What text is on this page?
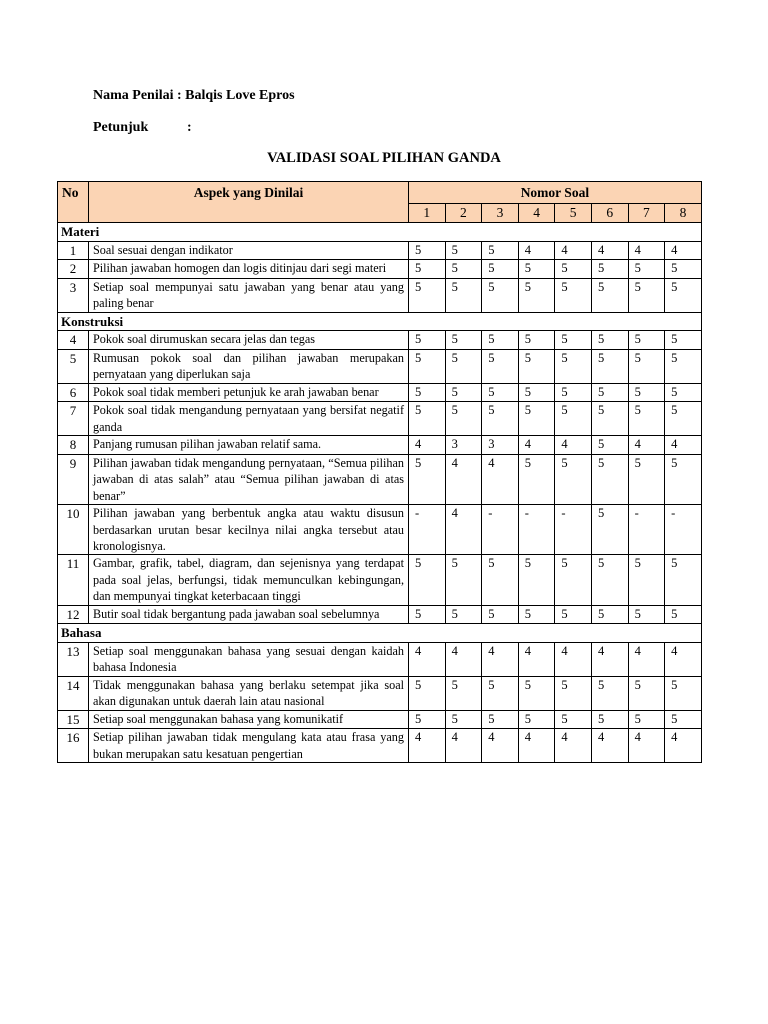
Nama Penilai : Balqis Love Epros
Petunjuk	:
VALIDASI SOAL PILIHAN GANDA
No	Aspek yang Dinilai	Nomor Soal							
		1	2	3	4	5	6	7	8
Materi									
1	Soal sesuai dengan indikator	5	5	5	4	4	4	4	4
2	Pilihan jawaban homogen dan logis ditinjau dari segi materi	5	5	5	5	5	5	5	5
3	Setiap soal mempunyai satu jawaban yang benar atau yang paling benar	5	5	5	5	5	5	5	5
Konstruksi									
4	Pokok soal dirumuskan secara jelas dan tegas	5	5	5	5	5	5	5	5
5	Rumusan pokok soal dan pilihan jawaban merupakan pernyataan yang diperlukan saja	5	5	5	5	5	5	5	5
6	Pokok soal tidak memberi petunjuk ke arah jawaban benar	5	5	5	5	5	5	5	5
7	Pokok soal tidak mengandung pernyataan yang bersifat negatif ganda	5	5	5	5	5	5	5	5
8	Panjang rumusan pilihan jawaban relatif sama.	4	3	3	4	4	5	4	4
9	Pilihan jawaban tidak mengandung pernyataan, “Semua pilihan jawaban di atas salah” atau “Semua pilihan jawaban di atas benar”	5	4	4	5	5	5	5	5
10	Pilihan jawaban yang berbentuk angka atau waktu disusun berdasarkan urutan besar kecilnya nilai angka tersebut atau kronologisnya.	-	4	-	-	-	5	-	-
11	Gambar, grafik, tabel, diagram, dan sejenisnya yang terdapat pada soal jelas, berfungsi, tidak memunculkan kebingungan, dan mempunyai tingkat keterbacaan tinggi	5	5	5	5	5	5	5	5
12	Butir soal tidak bergantung pada jawaban soal sebelumnya	5	5	5	5	5	5	5	5
Bahasa									
13	Setiap soal menggunakan bahasa yang sesuai dengan kaidah bahasa Indonesia	4	4	4	4	4	4	4	4
14	Tidak menggunakan bahasa yang berlaku setempat jika soal akan digunakan untuk daerah lain atau nasional	5	5	5	5	5	5	5	5
15	Setiap soal menggunakan bahasa yang komunikatif	5	5	5	5	5	5	5	5
16	Setiap pilihan jawaban tidak mengulang kata atau frasa yang bukan merupakan satu kesatuan pengertian	4	4	4	4	4	4	4	4
